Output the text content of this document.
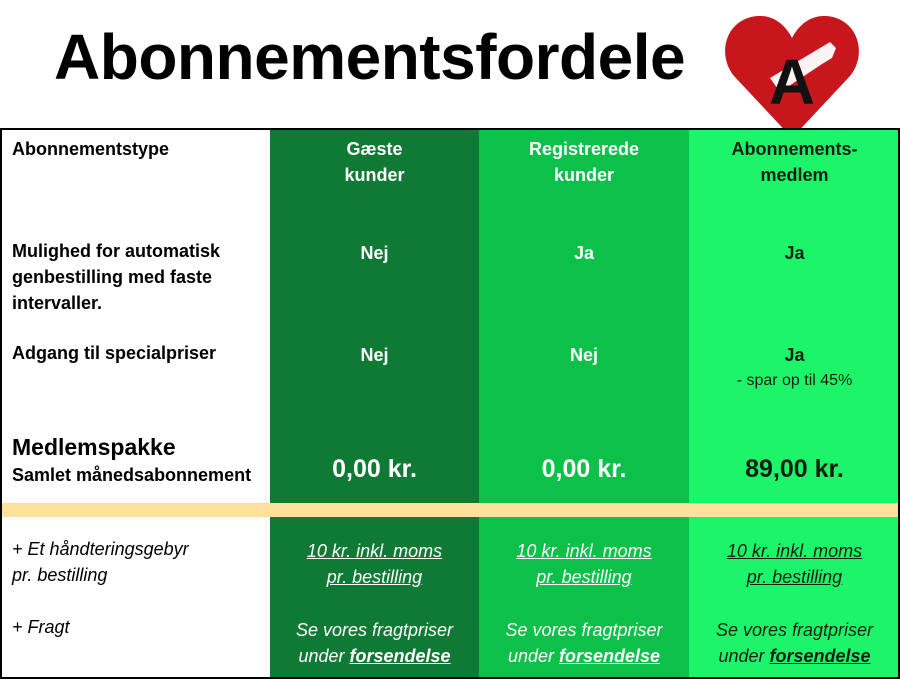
Abonnementsfordele A
Abonnementstype
Mulighed for automatisk
genbestilling med faste
intervaller.
Adgang til specialpriser
Medlemspakke
Samlet månedsabonnement
+ Et håndteringsgebyr
pr. bestilling
+ Fragt
Gæste
kunder
Nej
Nej
0,00 kr.
10 kr. inkl. moms
pr. bestilling
Se vores fragtpriser
under forsendelse
Registrerede
kunder
Ja
Nej
0,00 kr.
10 kr. inkl. moms
pr. bestilling
Se vores fragtpriser
under forsendelse
Abonnements-
medlem
Ja
Ja
- spar op til 45%
89,00 kr.
10 kr. inkl. moms
pr. bestilling
Se vores fragtpriser
under forsendelse
